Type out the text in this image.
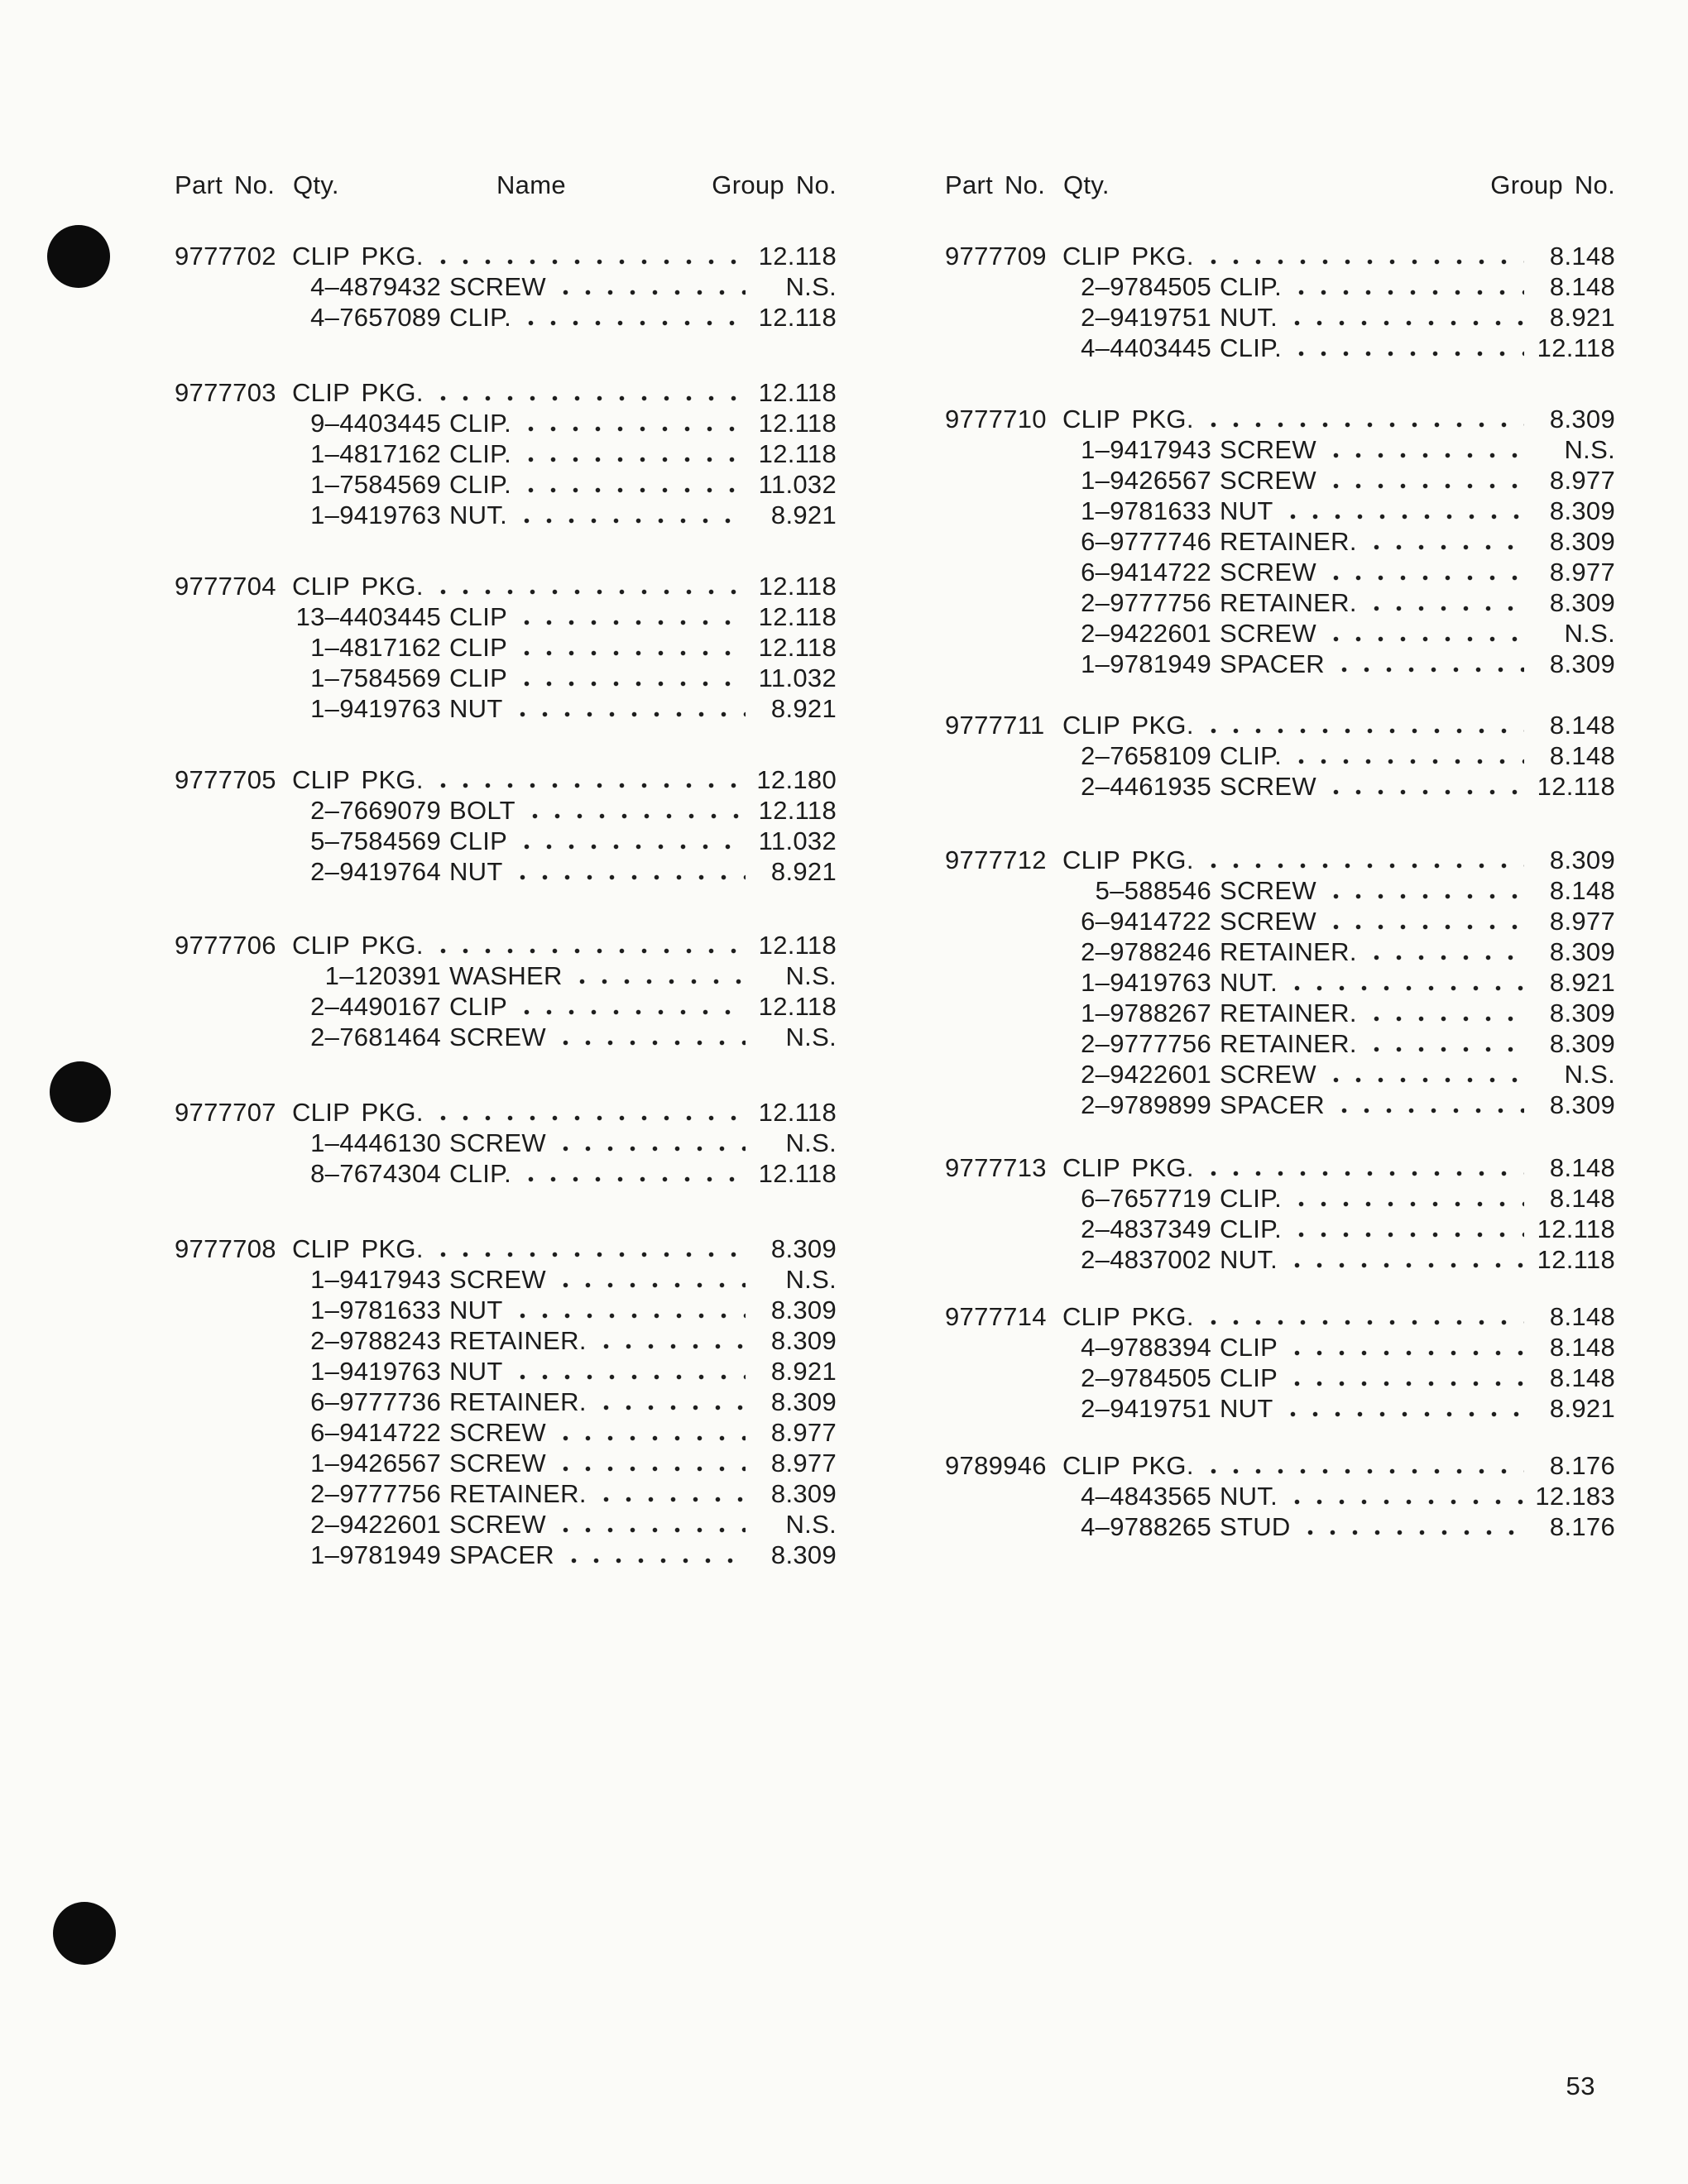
Part No. Qty.	Name	Group No.
9777702 CLIP PKG.	12.118
4–4879432 SCREW	N.S.
4–7657089 CLIP.	12.118
9777703 CLIP PKG.	12.118
9–4403445 CLIP.	12.118
1–4817162 CLIP.	12.118
1–7584569 CLIP.	11.032
1–9419763 NUT.	8.921
9777704 CLIP PKG.	12.118
13–4403445 CLIP	12.118
1–4817162 CLIP	12.118
1–7584569 CLIP	11.032
1–9419763 NUT	8.921
9777705 CLIP PKG.	12.180
2–7669079 BOLT	12.118
5–7584569 CLIP	11.032
2–9419764 NUT	8.921
9777706 CLIP PKG.	12.118
1–120391 WASHER	N.S.
2–4490167 CLIP	12.118
2–7681464 SCREW	N.S.
9777707 CLIP PKG.	12.118
1–4446130 SCREW	N.S.
8–7674304 CLIP.	12.118
9777708 CLIP PKG.	8.309
1–9417943 SCREW	N.S.
1–9781633 NUT	8.309
2–9788243 RETAINER.	8.309
1–9419763 NUT	8.921
6–9777736 RETAINER.	8.309
6–9414722 SCREW	8.977
1–9426567 SCREW	8.977
2–9777756 RETAINER.	8.309
2–9422601 SCREW	N.S.
1–9781949 SPACER	8.309
Part No. Qty.	Group No.
9777709 CLIP PKG.	8.148
2–9784505 CLIP.	8.148
2–9419751 NUT.	8.921
4–4403445 CLIP.	12.118
9777710 CLIP PKG.	8.309
1–9417943 SCREW	N.S.
1–9426567 SCREW	8.977
1–9781633 NUT	8.309
6–9777746 RETAINER.	8.309
6–9414722 SCREW	8.977
2–9777756 RETAINER.	8.309
2–9422601 SCREW	N.S.
1–9781949 SPACER	8.309
9777711 CLIP PKG.	8.148
2–7658109 CLIP.	8.148
2–4461935 SCREW	12.118
9777712 CLIP PKG.	8.309
5–588546 SCREW	8.148
6–9414722 SCREW	8.977
2–9788246 RETAINER.	8.309
1–9419763 NUT.	8.921
1–9788267 RETAINER.	8.309
2–9777756 RETAINER.	8.309
2–9422601 SCREW	N.S.
2–9789899 SPACER	8.309
9777713 CLIP PKG.	8.148
6–7657719 CLIP.	8.148
2–4837349 CLIP.	12.118
2–4837002 NUT.	12.118
9777714 CLIP PKG.	8.148
4–9788394 CLIP	8.148
2–9784505 CLIP	8.148
2–9419751 NUT	8.921
9789946 CLIP PKG.	8.176
4–4843565 NUT.	12.183
4–9788265 STUD	8.176
53
